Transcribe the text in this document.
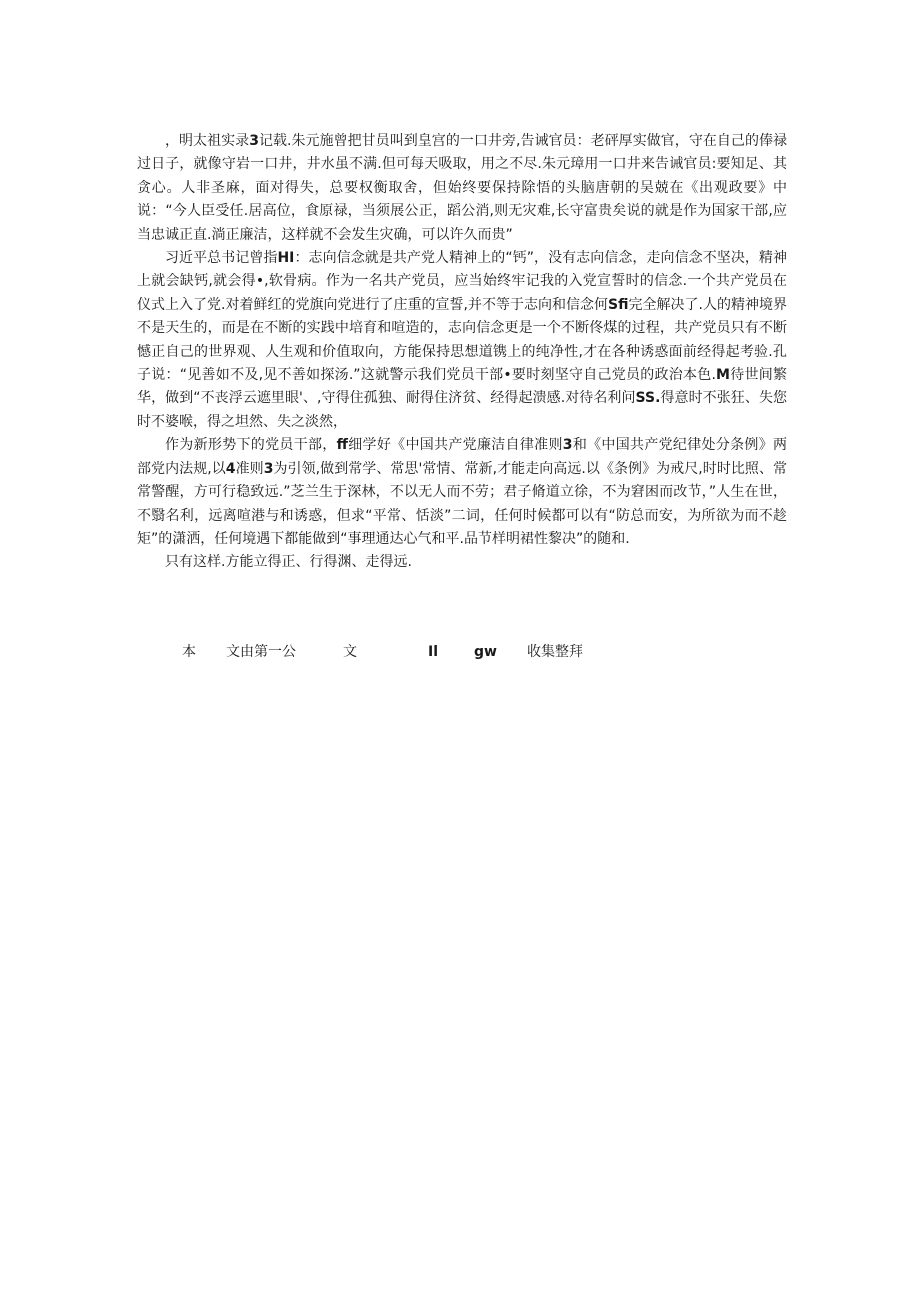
，明太祖实录3记载.朱元施曾把甘员叫到皇宫的一口井旁,告诫官员：老砰厚实做官，守在自己的俸禄过日子，就像守岩一口井，井水虽不满.但可每天吸取，用之不尽.朱元璋用一口井来告诫官员:要知足、其贪心。人非圣麻，面对得失，总要权衡取舍，但始终要保持除悟的头脑唐朝的吴兢在《出观政要》中说：“今人臣受任.居高位，食原禄，当须展公正，蹈公消,则无灾难,长守富贵矣说的就是作为国家干部,应当忠诚正直.淌正廉洁，这样就不会发生灾确，可以许久而贵”

习近平总书记曾指HI：志向信念就是共产党人精神上的“钙”，没有志向信念，走向信念不坚决，精神上就会缺钙,就会得•,软骨病。作为一名共产党员，应当始终牢记我的入党宣誓时的信念.一个共产党员在仪式上入了党.对着鲜红的党旗向党进行了庄重的宣誓,并不等于志向和信念何Sfi完全解决了.人的精神境界不是天生的，而是在不断的实践中培育和喧造的，志向信念更是一个不断佟煤的过程，共产党员只有不断憾正自己的世界观、人生观和价值取向，方能保持思想道镌上的纯净性,才在各种诱惑面前经得起考验.孔子说：“见善如不及,见不善如探汤.”这就警示我们党员干部•要时刻坚守自己党员的政治本色.M待世间繁华，做到“不丧浮云遮里眼'、,守得住孤独、耐得住济贫、经得起溃感.对待名利问SS.得意时不张狂、失您时不婆喉，得之坦然、失之淡然，

作为新形势下的党员干部，ff细学好《中国共产党廉洁自律准则3和《中国共产党纪律处分条例》两部党内法规,以4准则3为引领,做到常学、常思'常情、常新,才能走向高远.以《条例》为戒尺,时时比照、常常警醒，方可行稳致远.”芝兰生于深林，不以无人而不劳；君子脩道立徐，不为窘困而改节，”人生在世，不翳名利，远离喧港与和诱惑，但求“平常、恬淡”二词，任何时候都可以有“防总而安，为所欲为而不趁矩”的潇洒，任何境遇下都能做到“事理通达心气和平.品节样明裙性黎决”的随和.

只有这样.方能立得正、行得渊、走得远.

本 文由第一公	文	Il	gw 收集整拜
